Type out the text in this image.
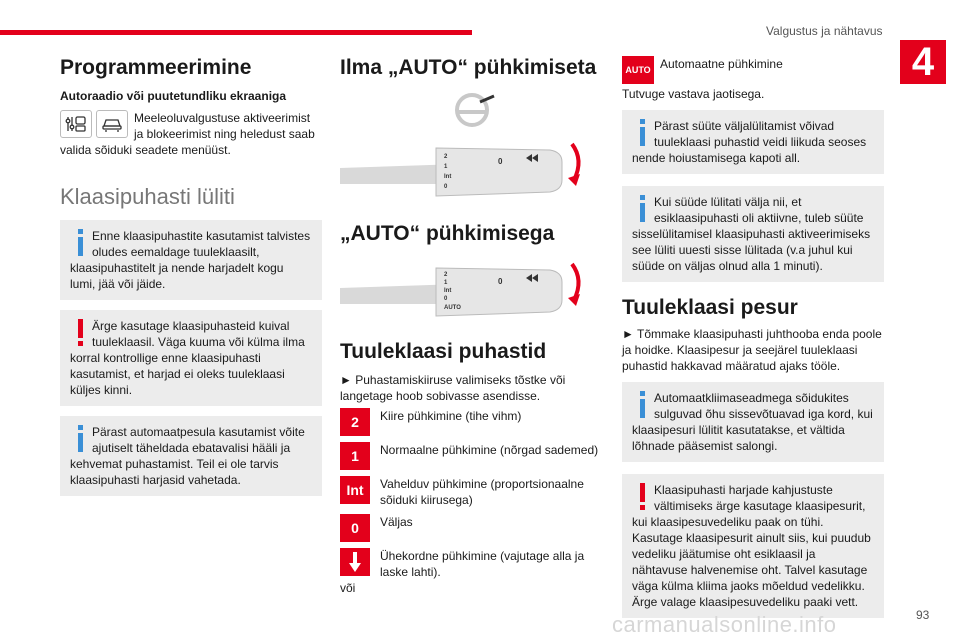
Valgustus ja nähtavus
4
Programmeerimine

Autoraadio või puutetundliku ekraaniga

Meeleoluvalgustuse aktiveerimist ja blokeerimist ning heledust saab valida sõiduki seadete menüüst.

Klaasipuhasti lüliti
Enne klaasipuhastite kasutamist talvistes oludes eemaldage tuuleklaasilt, klaasipuhastitelt ja nende harjadelt kogu lumi, jää või jäide.
Ärge kasutage klaasipuhasteid kuival tuuleklaasil. Väga kuuma või külma ilma korral kontrollige enne klaasipuhasti kasutamist, et harjad ei oleks tuuleklaasi küljes kinni.
Pärast automaatpesula kasutamist võite ajutiselt täheldada ebatavalisi hääli ja kehvemat puhastamist. Teil ei ole tarvis klaasipuhasti harjasid vahetada.
Ilma „AUTO“ pühkimiseta
2
1
Int
0
0
„AUTO“ pühkimisega
2
1
Int
0
AUTO
0
Tuuleklaasi puhastid

► Puhastamiskiiruse valimiseks tõstke või langetage hoob sobivasse asendisse.

2	Kiire pühkimine (tihe vihm)
1	Normaalne pühkimine (nõrgad sademed)
Int	Vahelduv pühkimine (proportsionaalne sõiduki kiirusega)
0	Väljas
Ühekordne pühkimine (vajutage alla ja laske lahti).

või

AUTO Automaatne pühkimine

Tutvuge vastava jaotisega.

Pärast süüte väljalülitamist võivad tuuleklaasi puhastid veidi liikuda seoses nende hoiustamisega kapoti all.
Kui süüde lülitati välja nii, et esiklaasipuhasti oli aktiivne, tuleb süüte sisselülitamisel klaasipuhasti aktiveerimiseks see lüliti uuesti sisse lülitada (v.a juhul kui süüde on väljas olnud alla 1 minuti).
Tuuleklaasi pesur

► Tõmmake klaasipuhasti juhthooba enda poole ja hoidke. Klaasipesur ja seejärel tuuleklaasi puhastid hakkavad määratud ajaks tööle.

Automaatkliimaseadmega sõidukites sulguvad õhu sissevõtuavad iga kord, kui klaasipesuri lülitit kasutatakse, et vältida lõhnade pääsemist salongi.
Klaasipuhasti harjade kahjustuste vältimiseks ärge kasutage klaasipesurit, kui klaasipesuvedeliku paak on tühi. Kasutage klaasipesurit ainult siis, kui puudub vedeliku jäätumise oht esiklaasil ja nähtavuse halvenemise oht. Talvel kasutage väga külma kliima jaoks mõeldud vedelikku. Ärge valage klaasipesuvedeliku paaki vett.
carmanualsonline.info	93
